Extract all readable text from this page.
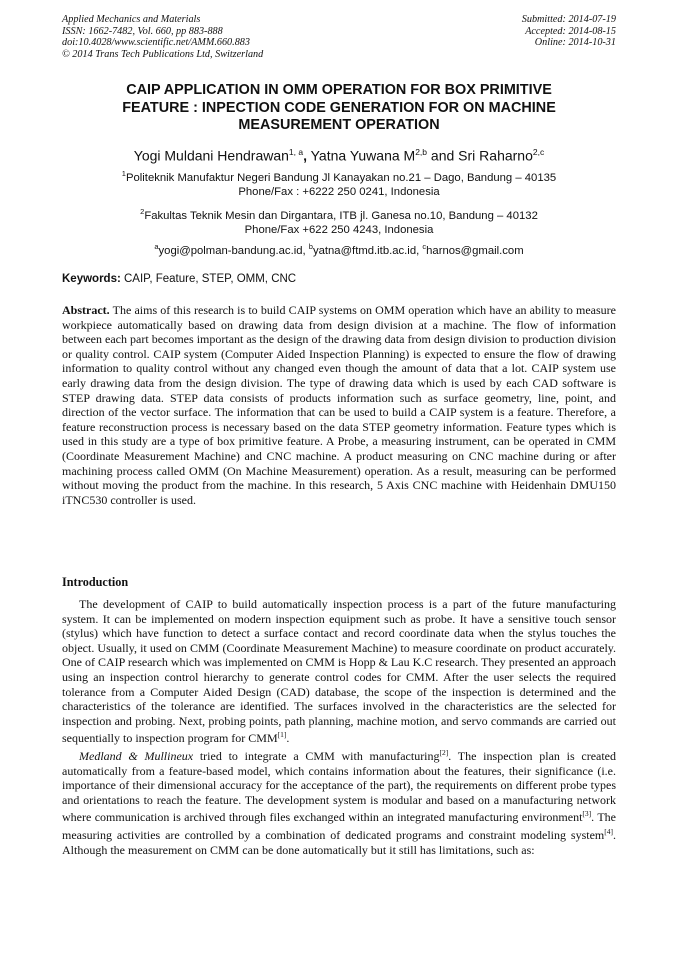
Applied Mechanics and Materials
ISSN: 1662-7482, Vol. 660, pp 883-888
doi:10.4028/www.scientific.net/AMM.660.883
© 2014 Trans Tech Publications Ltd, Switzerland
Submitted: 2014-07-19
Accepted: 2014-08-15
Online: 2014-10-31
CAIP APPLICATION IN OMM OPERATION FOR BOX PRIMITIVE
FEATURE : INPECTION CODE GENERATION FOR ON MACHINE
MEASUREMENT OPERATION
Yogi Muldani Hendrawan$^{1, a}$, Yatna Yuwana M$^{2,b}$ and Sri Raharno$^{2,c}$
$^1$Politeknik Manufaktur Negeri Bandung Jl Kanayakan no.21 – Dago, Bandung – 40135
Phone/Fax : +6222 250 0241, Indonesia
$^2$Fakultas Teknik Mesin dan Dirgantara, ITB jl. Ganesa no.10, Bandung – 40132
Phone/Fax +622 250 4243, Indonesia
$^a$yogi@polman-bandung.ac.id, $^b$yatna@ftmd.itb.ac.id, $^c$harnos@gmail.com
Keywords: CAIP, Feature, STEP, OMM, CNC
Abstract. The aims of this research is to build CAIP systems on OMM operation which have an ability to measure workpiece automatically based on drawing data from design division at a machine. The flow of information between each part becomes important as the design of the drawing data from design division to production division or quality control. CAIP system (Computer Aided Inspection Planning) is expected to ensure the flow of drawing information to quality control without any changed even though the amount of data that a lot. CAIP system use early drawing data from the design division. The type of drawing data which is used by each CAD software is STEP drawing data. STEP data consists of products information such as surface geometry, line, point, and direction of the vector surface. The information that can be used to build a CAIP system is a feature. Therefore, a feature reconstruction process is necessary based on the data STEP geometry information. Feature types which is used in this study are a type of box primitive feature. A Probe, a measuring instrument, can be operated in CMM (Coordinate Measurement Machine) and CNC machine. A product measuring on CNC machine during or after machining process called OMM (On Machine Measurement) operation. As a result, measuring can be performed without moving the product from the machine. In this research, 5 Axis CNC machine with Heidenhain DMU150 iTNC530 controller is used.
Introduction

The development of CAIP to build automatically inspection process is a part of the future manufacturing system. It can be implemented on modern inspection equipment such as probe. It have a sensitive touch sensor (stylus) which have function to detect a surface contact and record coordinate data when the stylus touches the object. Usually, it used on CMM (Coordinate Measurement Machine) to measure coordinate on product accurately. One of CAIP research which was implemented on CMM is Hopp & Lau K.C research. They presented an approach using an inspection control hierarchy to generate control codes for CMM. After the user selects the required tolerance from a Computer Aided Design (CAD) database, the scope of the inspection is determined and the characteristics of the tolerance are identified. The surfaces involved in the characteristics are the selected for inspection and probing. Next, probing points, path planning, machine motion, and servo commands are carried out sequentially to inspection program for CMM[1].

Medland & Mullineux tried to integrate a CMM with manufacturing[2]. The inspection plan is created automatically from a feature-based model, which contains information about the features, their significance (i.e. importance of their dimensional accuracy for the acceptance of the part), the requirements on different probe types and orientations to reach the feature. The development system is modular and based on a manufacturing network where communication is archived through files exchanged within an integrated manufacturing environment[3]. The measuring activities are controlled by a combination of dedicated programs and constraint modeling system[4]. Although the measurement on CMM can be done automatically but it still has limitations, such as:
